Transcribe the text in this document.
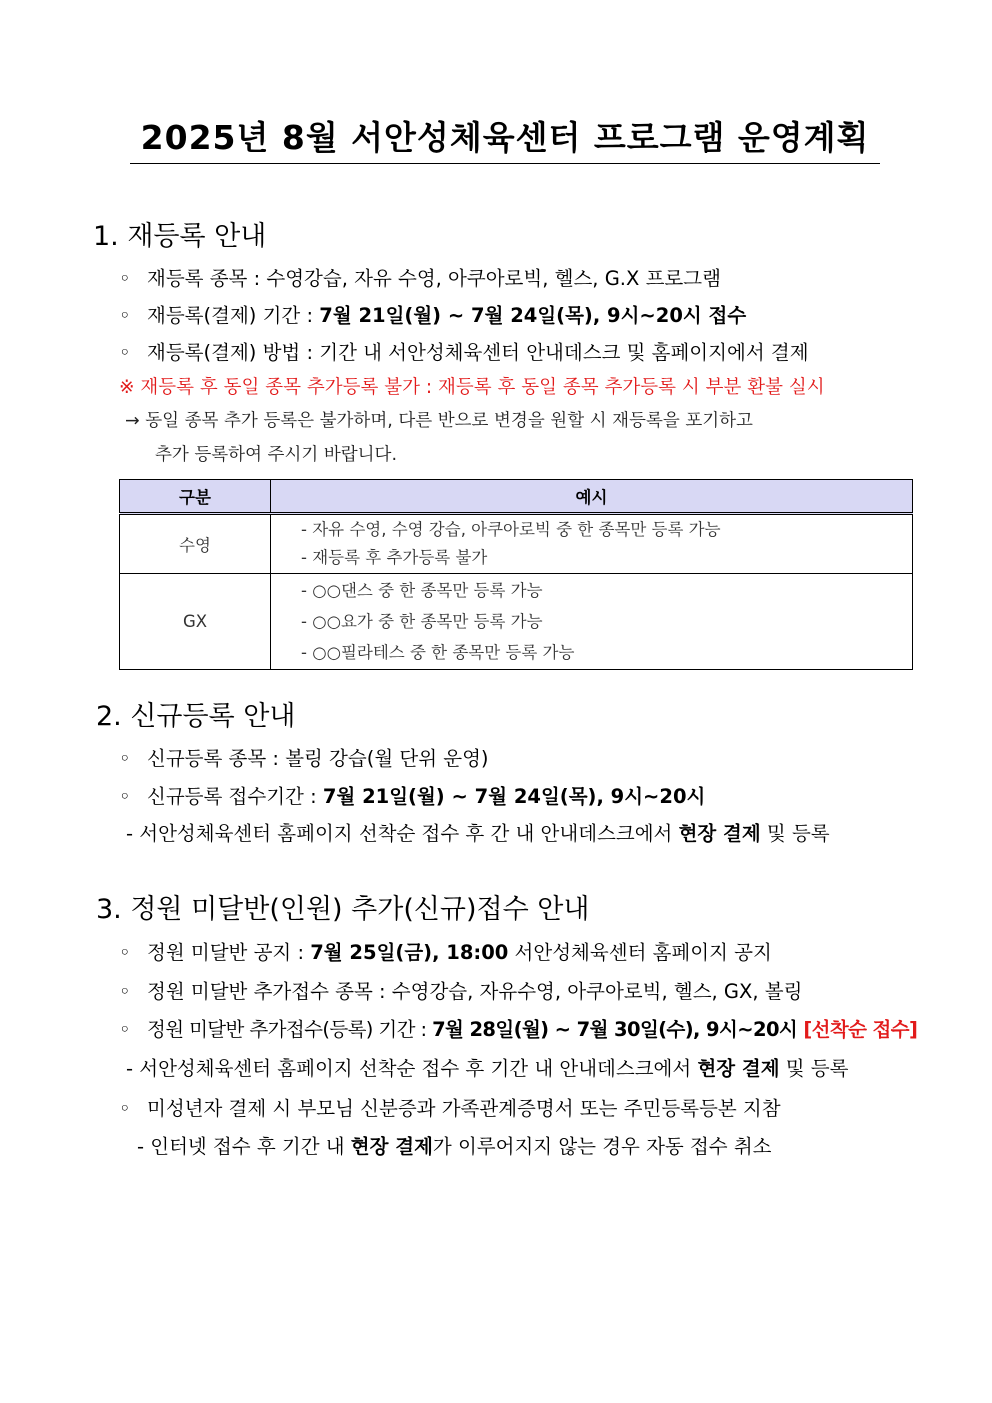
2025년 8월 서안성체육센터 프로그램 운영계획
1. 재등록 안내
◦ 재등록 종목 : 수영강습, 자유 수영, 아쿠아로빅, 헬스, G.X 프로그램
◦ 재등록(결제) 기간 : 7월 21일(월) ~ 7월 24일(목), 9시~20시 접수
◦ 재등록(결제) 방법 : 기간 내 서안성체육센터 안내데스크 및 홈페이지에서 결제
※ 재등록 후 동일 종목 추가등록 불가 : 재등록 후 동일 종목 추가등록 시 부분 환불 실시
→ 동일 종목 추가 등록은 불가하며, 다른 반으로 변경을 원할 시 재등록을 포기하고
추가 등록하여 주시기 바랍니다.
구분	예시
수영	- 자유 수영, 수영 강습, 아쿠아로빅 중 한 종목만 등록 가능
- 재등록 후 추가등록 불가

GX	- ○○댄스 중 한 종목만 등록 가능
- ○○요가 중 한 종목만 등록 가능
- ○○필라테스 중 한 종목만 등록 가능
2. 신규등록 안내
◦ 신규등록 종목 : 볼링 강습(월 단위 운영)
◦ 신규등록 접수기간 : 7월 21일(월) ~ 7월 24일(목), 9시~20시
- 서안성체육센터 홈페이지 선착순 접수 후 간 내 안내데스크에서 현장 결제 및 등록
3. 정원 미달반(인원) 추가(신규)접수 안내
◦ 정원 미달반 공지 : 7월 25일(금), 18:00 서안성체육센터 홈페이지 공지
◦ 정원 미달반 추가접수 종목 : 수영강습, 자유수영, 아쿠아로빅, 헬스, GX, 볼링
◦ 정원 미달반 추가접수(등록) 기간 : 7월 28일(월) ~ 7월 30일(수), 9시~20시 [선착순 접수]
- 서안성체육센터 홈페이지 선착순 접수 후 기간 내 안내데스크에서 현장 결제 및 등록
◦ 미성년자 결제 시 부모님 신분증과 가족관계증명서 또는 주민등록등본 지참
- 인터넷 접수 후 기간 내 현장 결제가 이루어지지 않는 경우 자동 접수 취소
